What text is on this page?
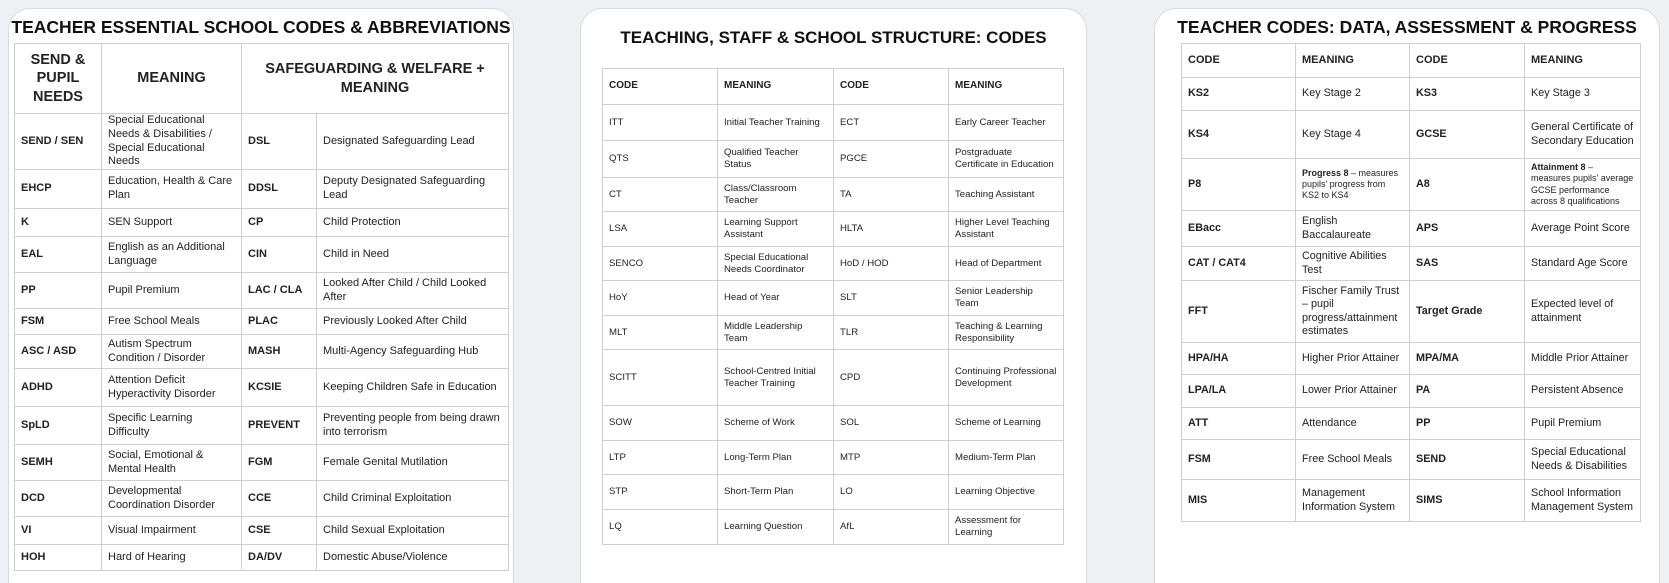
TEACHER ESSENTIAL SCHOOL CODES & ABBREVIATIONS
SEND & PUPIL NEEDS	MEANING	SAFEGUARDING & WELFARE + MEANING	
SEND / SEN	Special Educational Needs & Disabilities / Special Educational Needs	DSL	Designated Safeguarding Lead
EHCP	Education, Health & Care Plan	DDSL	Deputy Designated Safeguarding Lead
K	SEN Support	CP	Child Protection
EAL	English as an Additional Language	CIN	Child in Need
PP	Pupil Premium	LAC / CLA	Looked After Child / Child Looked After
FSM	Free School Meals	PLAC	Previously Looked After Child
ASC / ASD	Autism Spectrum Condition / Disorder	MASH	Multi-Agency Safeguarding Hub
ADHD	Attention Deficit Hyperactivity Disorder	KCSIE	Keeping Children Safe in Education
SpLD	Specific Learning Difficulty	PREVENT	Preventing people from being drawn into terrorism
SEMH	Social, Emotional & Mental Health	FGM	Female Genital Mutilation
DCD	Developmental Coordination Disorder	CCE	Child Criminal Exploitation
VI	Visual Impairment	CSE	Child Sexual Exploitation
HOH	Hard of Hearing	DA/DV	Domestic Abuse/Violence
TEACHING, STAFF & SCHOOL STRUCTURE: CODES
CODE	MEANING	CODE	MEANING
ITT	Initial Teacher Training	ECT	Early Career Teacher
QTS	Qualified Teacher Status	PGCE	Postgraduate Certificate in Education
CT	Class/Classroom Teacher	TA	Teaching Assistant
LSA	Learning Support Assistant	HLTA	Higher Level Teaching Assistant
SENCO	Special Educational Needs Coordinator	HoD / HOD	Head of Department
HoY	Head of Year	SLT	Senior Leadership Team
MLT	Middle Leadership Team	TLR	Teaching & Learning Responsibility
SCITT	School-Centred Initial Teacher Training	CPD	Continuing Professional Development
SOW	Scheme of Work	SOL	Scheme of Learning
LTP	Long-Term Plan	MTP	Medium-Term Plan
STP	Short-Term Plan	LO	Learning Objective
LQ	Learning Question	AfL	Assessment for Learning
TEACHER CODES: DATA, ASSESSMENT & PROGRESS
CODE	MEANING	CODE	MEANING
KS2	Key Stage 2	KS3	Key Stage 3
KS4	Key Stage 4	GCSE	General Certificate of Secondary Education
P8	Progress 8 – measures pupils’ progress from KS2 to KS4	A8	Attainment 8 – measures pupils’ average GCSE performance across 8 qualifications
EBacc	English Baccalaureate	APS	Average Point Score
CAT / CAT4	Cognitive Abilities Test	SAS	Standard Age Score
FFT	Fischer Family Trust – pupil progress/attainment estimates	Target Grade	Expected level of attainment
HPA/HA	Higher Prior Attainer	MPA/MA	Middle Prior Attainer
LPA/LA	Lower Prior Attainer	PA	Persistent Absence
ATT	Attendance	PP	Pupil Premium
FSM	Free School Meals	SEND	Special Educational Needs & Disabilities
MIS	Management Information System	SIMS	School Information Management System
